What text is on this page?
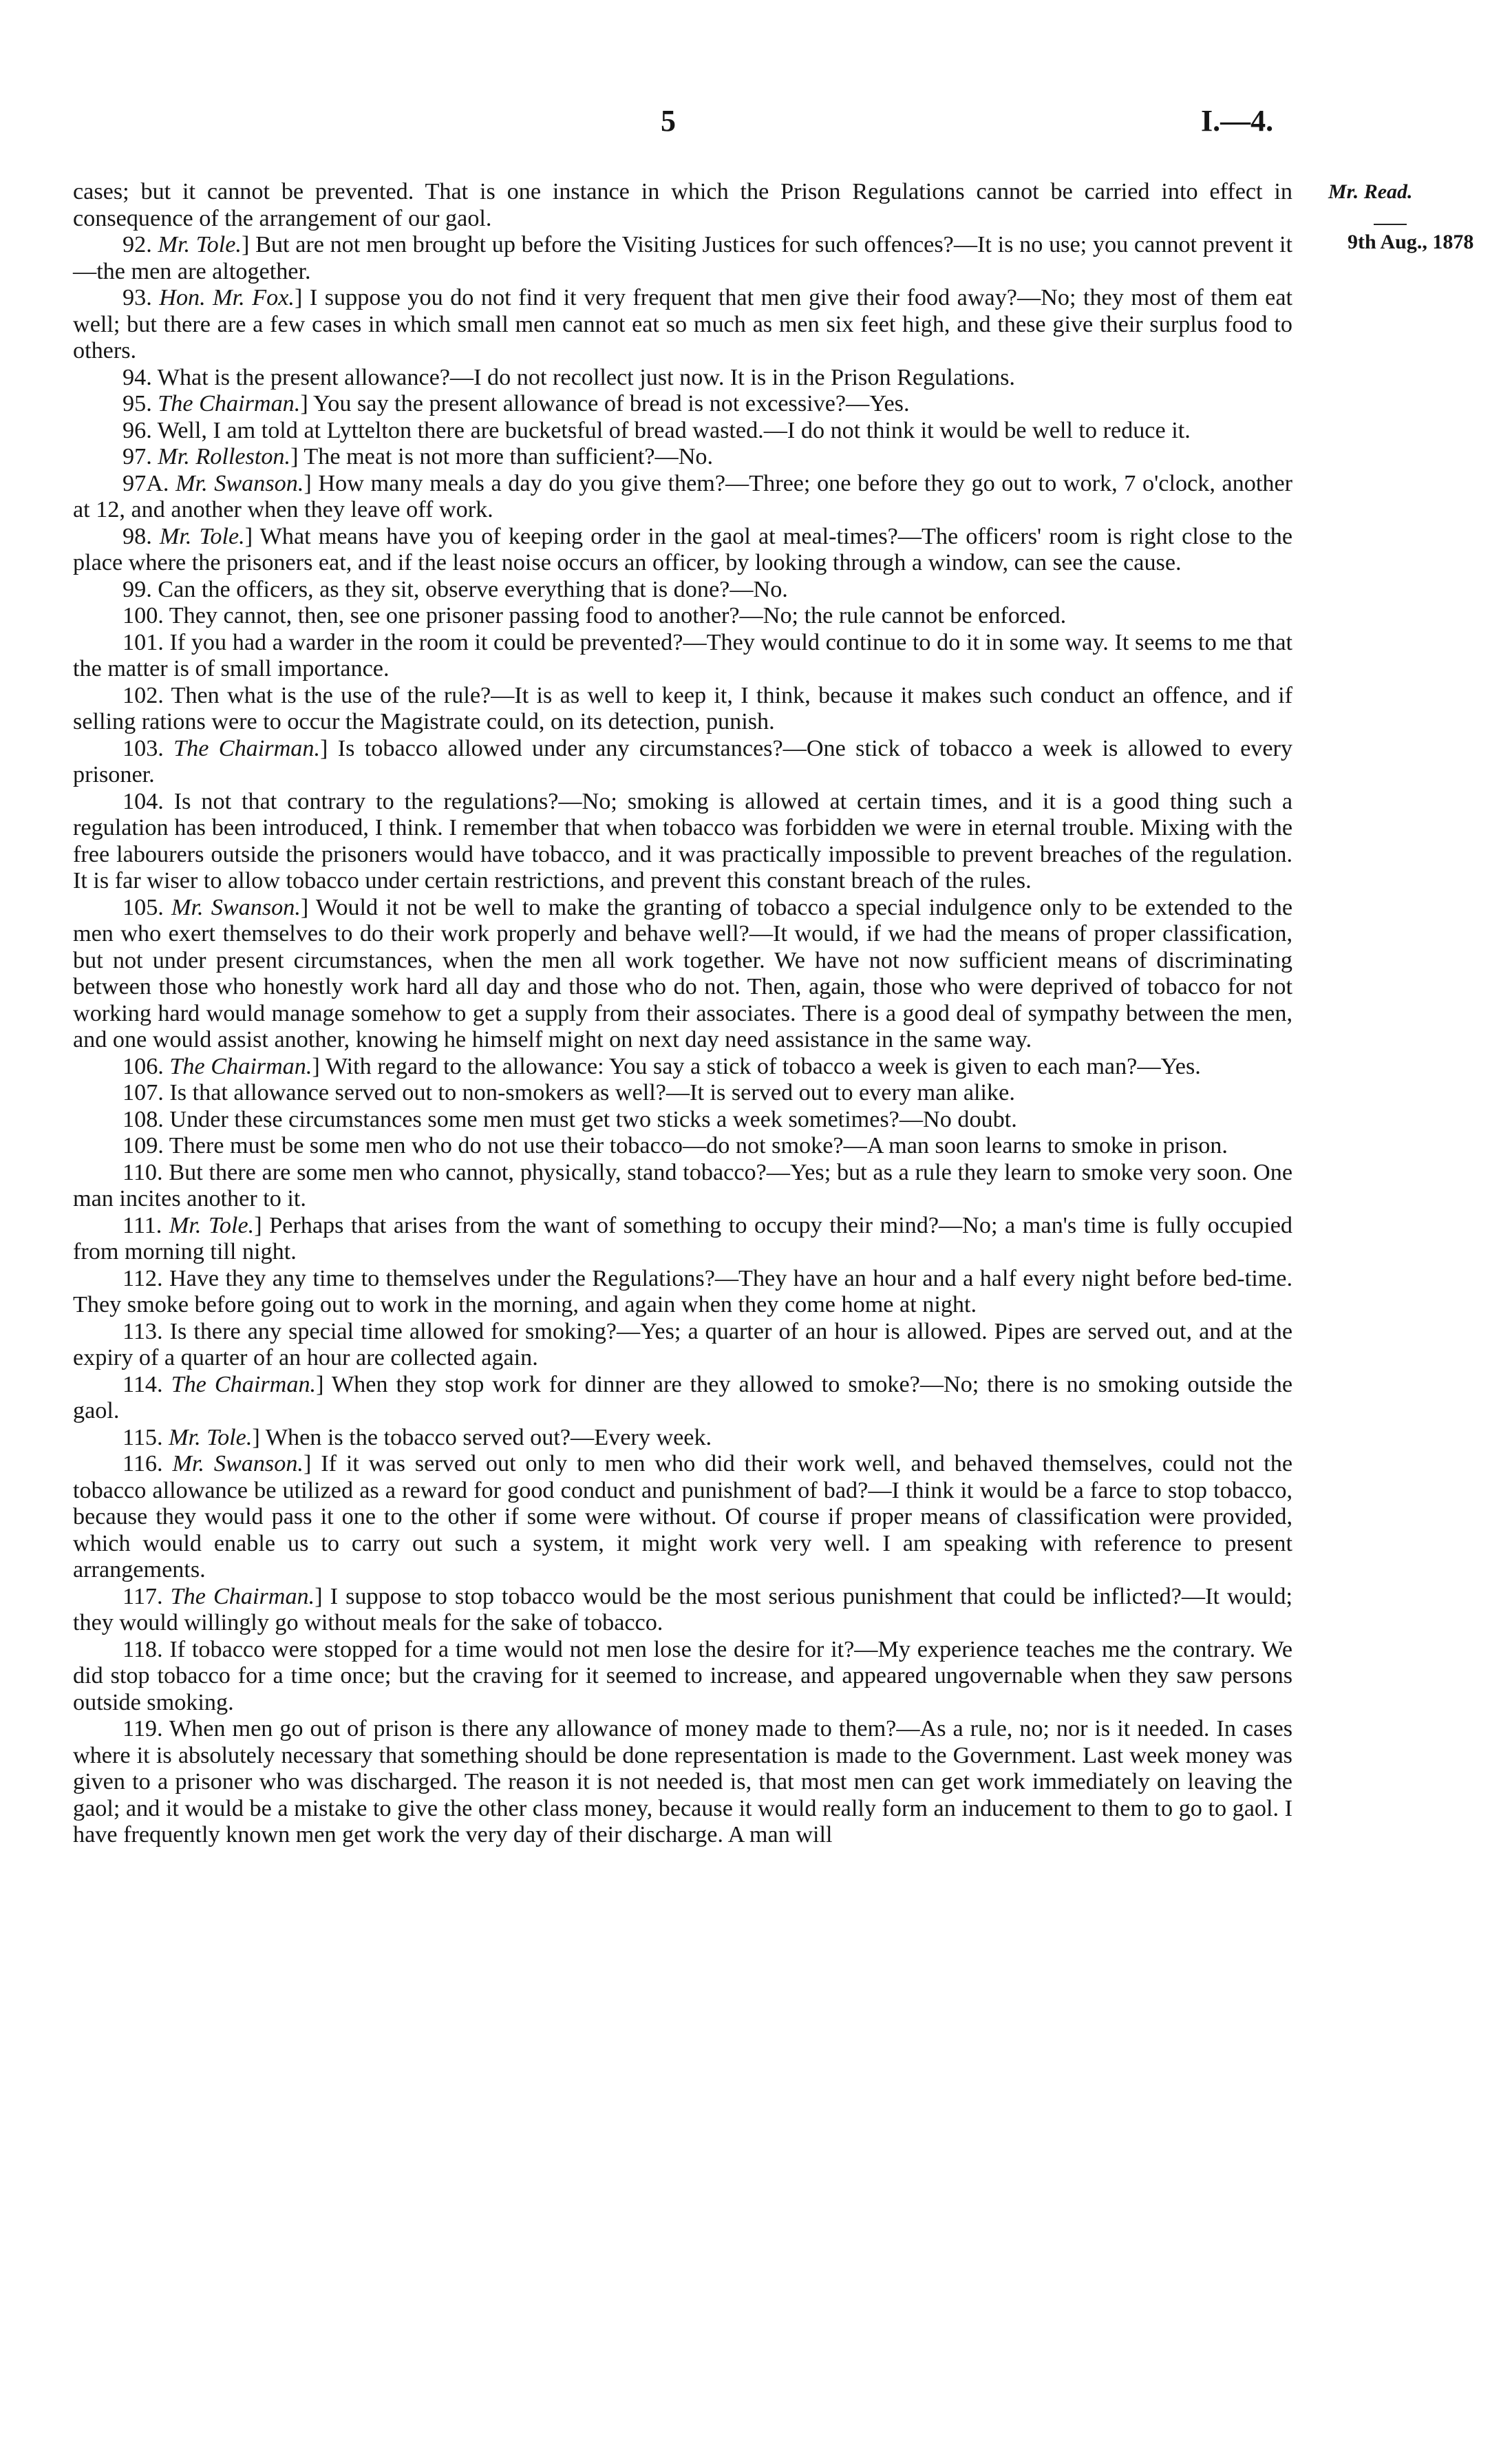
5	I.—4.
Mr. Read.
9th Aug., 1878

cases; but it cannot be prevented. That is one instance in which the Prison Regulations cannot be carried into effect in consequence of the arrangement of our gaol.

92. Mr. Tole.] But are not men brought up before the Visiting Justices for such offences?—It is no use; you cannot prevent it—the men are altogether.

93. Hon. Mr. Fox.] I suppose you do not find it very frequent that men give their food away?—No; they most of them eat well; but there are a few cases in which small men cannot eat so much as men six feet high, and these give their surplus food to others.

94. What is the present allowance?—I do not recollect just now. It is in the Prison Regulations.

95. The Chairman.] You say the present allowance of bread is not excessive?—Yes.

96. Well, I am told at Lyttelton there are bucketsful of bread wasted.—I do not think it would be well to reduce it.

97. Mr. Rolleston.] The meat is not more than sufficient?—No.

97A. Mr. Swanson.] How many meals a day do you give them?—Three; one before they go out to work, 7 o'clock, another at 12, and another when they leave off work.

98. Mr. Tole.] What means have you of keeping order in the gaol at meal-times?—The officers' room is right close to the place where the prisoners eat, and if the least noise occurs an officer, by looking through a window, can see the cause.

99. Can the officers, as they sit, observe everything that is done?—No.

100. They cannot, then, see one prisoner passing food to another?—No; the rule cannot be enforced.

101. If you had a warder in the room it could be prevented?—They would continue to do it in some way. It seems to me that the matter is of small importance.

102. Then what is the use of the rule?—It is as well to keep it, I think, because it makes such conduct an offence, and if selling rations were to occur the Magistrate could, on its detection, punish.

103. The Chairman.] Is tobacco allowed under any circumstances?—One stick of tobacco a week is allowed to every prisoner.

104. Is not that contrary to the regulations?—No; smoking is allowed at certain times, and it is a good thing such a regulation has been introduced, I think. I remember that when tobacco was forbidden we were in eternal trouble. Mixing with the free labourers outside the prisoners would have tobacco, and it was practically impossible to prevent breaches of the regulation. It is far wiser to allow tobacco under certain restrictions, and prevent this constant breach of the rules.

105. Mr. Swanson.] Would it not be well to make the granting of tobacco a special indulgence only to be extended to the men who exert themselves to do their work properly and behave well?—It would, if we had the means of proper classification, but not under present circumstances, when the men all work together. We have not now sufficient means of discriminating between those who honestly work hard all day and those who do not. Then, again, those who were deprived of tobacco for not working hard would manage somehow to get a supply from their associates. There is a good deal of sympathy between the men, and one would assist another, knowing he himself might on next day need assistance in the same way.

106. The Chairman.] With regard to the allowance: You say a stick of tobacco a week is given to each man?—Yes.

107. Is that allowance served out to non-smokers as well?—It is served out to every man alike.

108. Under these circumstances some men must get two sticks a week sometimes?—No doubt.

109. There must be some men who do not use their tobacco—do not smoke?—A man soon learns to smoke in prison.

110. But there are some men who cannot, physically, stand tobacco?—Yes; but as a rule they learn to smoke very soon. One man incites another to it.

111. Mr. Tole.] Perhaps that arises from the want of something to occupy their mind?—No; a man's time is fully occupied from morning till night.

112. Have they any time to themselves under the Regulations?—They have an hour and a half every night before bed-time. They smoke before going out to work in the morning, and again when they come home at night.

113. Is there any special time allowed for smoking?—Yes; a quarter of an hour is allowed. Pipes are served out, and at the expiry of a quarter of an hour are collected again.

114. The Chairman.] When they stop work for dinner are they allowed to smoke?—No; there is no smoking outside the gaol.

115. Mr. Tole.] When is the tobacco served out?—Every week.

116. Mr. Swanson.] If it was served out only to men who did their work well, and behaved themselves, could not the tobacco allowance be utilized as a reward for good conduct and punishment of bad?—I think it would be a farce to stop tobacco, because they would pass it one to the other if some were without. Of course if proper means of classification were provided, which would enable us to carry out such a system, it might work very well. I am speaking with reference to present arrangements.

117. The Chairman.] I suppose to stop tobacco would be the most serious punishment that could be inflicted?—It would; they would willingly go without meals for the sake of tobacco.

118. If tobacco were stopped for a time would not men lose the desire for it?—My experience teaches me the contrary. We did stop tobacco for a time once; but the craving for it seemed to increase, and appeared ungovernable when they saw persons outside smoking.

119. When men go out of prison is there any allowance of money made to them?—As a rule, no; nor is it needed. In cases where it is absolutely necessary that something should be done representation is made to the Government. Last week money was given to a prisoner who was discharged. The reason it is not needed is, that most men can get work immediately on leaving the gaol; and it would be a mistake to give the other class money, because it would really form an inducement to them to go to gaol. I have frequently known men get work the very day of their discharge. A man will
